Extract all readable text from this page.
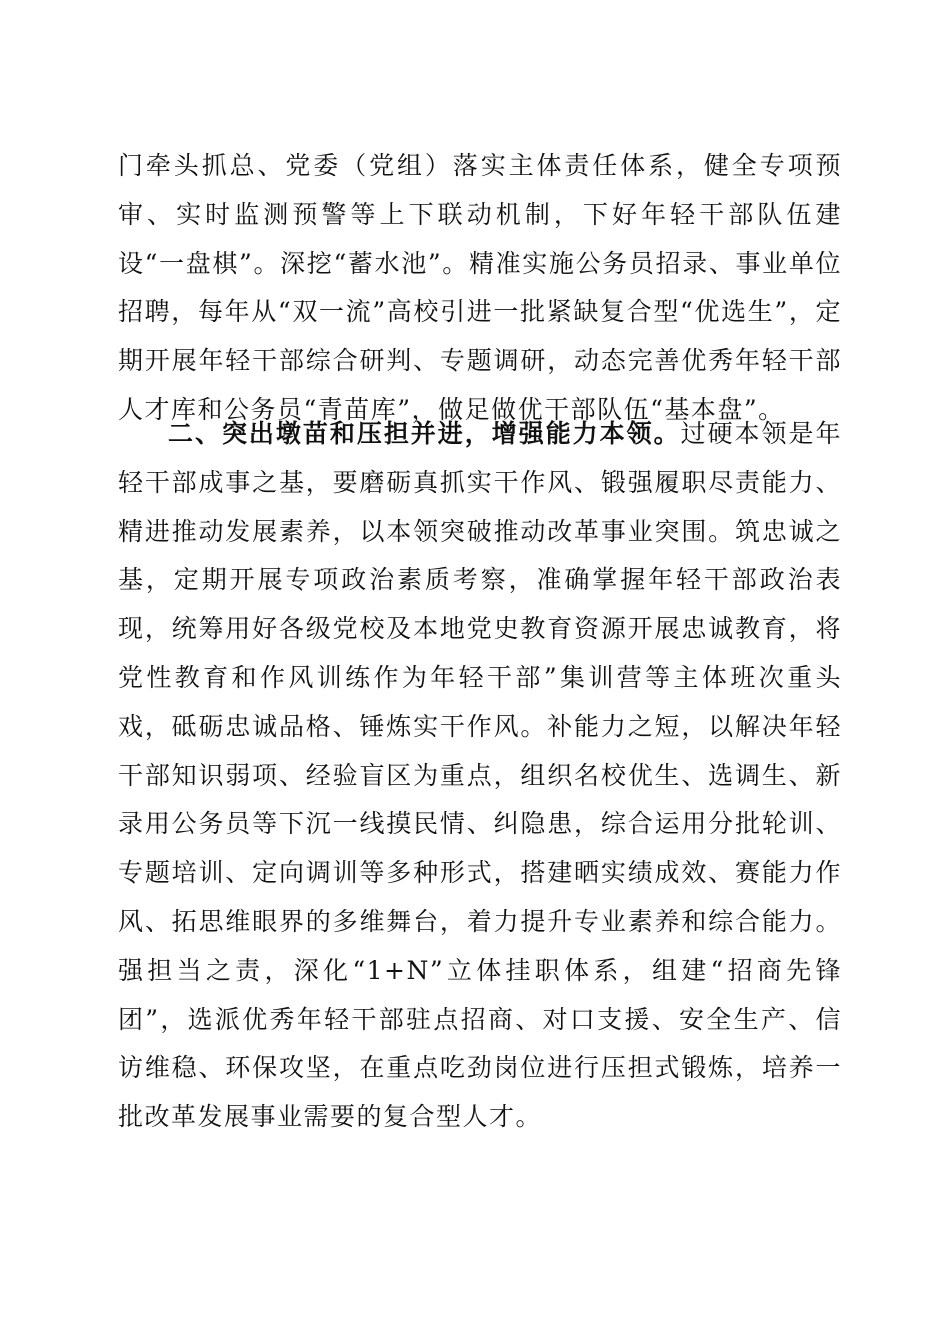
门牵头抓总、党委（党组）落实主体责任体系，健全专项预审、实时监测预警等上下联动机制，下好年轻干部队伍建设“一盘棋”。深挖“蓄水池”。精准实施公务员招录、事业单位招聘，每年从“双一流”高校引进一批紧缺复合型“优选生”，定期开展年轻干部综合研判、专题调研，动态完善优秀年轻干部人才库和公务员“青苗库”，做足做优干部队伍“基本盘”。

二、突出墩苗和压担并进，增强能力本领。过硬本领是年轻干部成事之基，要磨砺真抓实干作风、锻强履职尽责能力、精进推动发展素养，以本领突破推动改革事业突围。筑忠诚之基，定期开展专项政治素质考察，准确掌握年轻干部政治表现，统筹用好各级党校及本地党史教育资源开展忠诚教育，将党性教育和作风训练作为年轻干部”集训营等主体班次重头戏，砥砺忠诚品格、锤炼实干作风。补能力之短，以解决年轻干部知识弱项、经验盲区为重点，组织名校优生、选调生、新录用公务员等下沉一线摸民情、纠隐患，综合运用分批轮训、专题培训、定向调训等多种形式，搭建晒实绩成效、赛能力作风、拓思维眼界的多维舞台，着力提升专业素养和综合能力。强担当之责，深化“1+N”立体挂职体系，组建“招商先锋团”，选派优秀年轻干部驻点招商、对口支援、安全生产、信访维稳、环保攻坚，在重点吃劲岗位进行压担式锻炼，培养一批改革发展事业需要的复合型人才。
